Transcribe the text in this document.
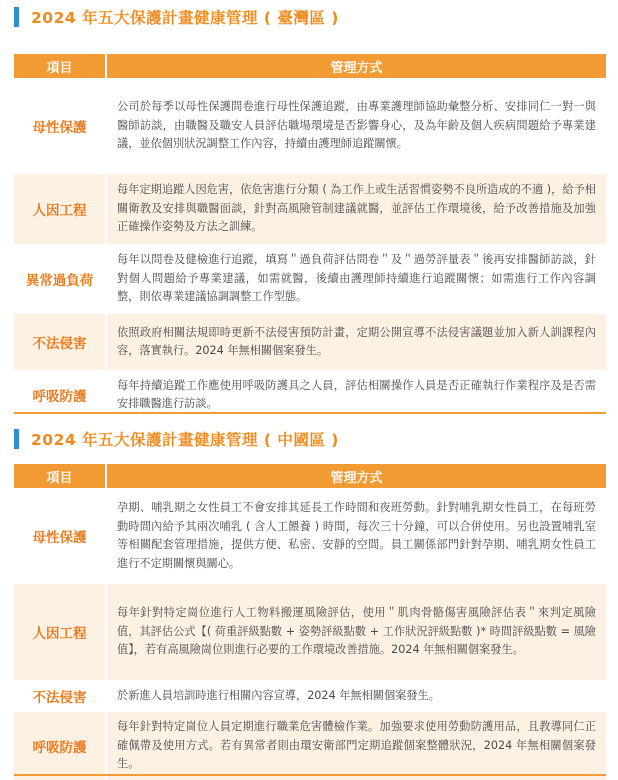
2024 年五大保護計畫健康管理 ( 臺灣區 )
項目	管理方式
母性保護	公司於每季以母性保護問卷進行母性保護追蹤，由專業護理師協助彙整分析、安排同仁一對一與醫師訪談，由職醫及職安人員評估職場環境是否影響身心，及為年齡及個人疾病問題給予專業建議，並依個別狀況調整工作內容，持續由護理師追蹤關懷。
人因工程	每年定期追蹤人因危害，依危害進行分類 ( 為工作上或生活習慣姿勢不良所造成的不適 )，給予相關衛教及安排與職醫面談，針對高風險管制建議就醫，並評估工作環境後，給予改善措施及加強正確操作姿勢及方法之訓練。
異常過負荷	每年以問卷及健檢進行追蹤，填寫＂過負荷評估問卷＂及＂過勞評量表＂後再安排醫師訪談，針對個人問題給予專業建議，如需就醫，後續由護理師持續進行追蹤關懷；如需進行工作內容調整，則依專業建議協調調整工作型態。
不法侵害	依照政府相關法規即時更新不法侵害預防計畫，定期公開宣導不法侵害議題並加入新人訓課程內容，落實執行。2024 年無相關個案發生。
呼吸防護	每年持續追蹤工作應使用呼吸防護具之人員，評估相關操作人員是否正確執行作業程序及是否需安排職醫進行訪談。
2024 年五大保護計畫健康管理 ( 中國區 )
項目	管理方式
母性保護	孕期、哺乳期之女性員工不會安排其延長工作時間和夜班勞動。針對哺乳期女性員工，在每班勞動時間內給予其兩次哺乳 ( 含人工餵養 ) 時間，每次三十分鐘，可以合併使用。另也設置哺乳室等相關配套管理措施，提供方便、私密、安靜的空間。員工關係部門針對孕期、哺乳期女性員工進行不定期關懷與關心。
人因工程	每年針對特定崗位進行人工物料搬運風險評估，使用＂肌肉骨骼傷害風險評估表＂來判定風險值，其評估公式【( 荷重評級點數 + 姿勢評級點數 + 工作狀況評級點數 )* 時間評級點數 = 風險值】，若有高風險崗位則進行必要的工作環境改善措施。2024 年無相關個案發生。
不法侵害	於新進人員培訓時進行相關內容宣導，2024 年無相關個案發生。
呼吸防護	每年針對特定崗位人員定期進行職業危害體檢作業。加強要求使用勞動防護用品，且教導同仁正確佩帶及使用方式。若有異常者則由環安衛部門定期追蹤個案整體狀況，2024 年無相關個案發生。
